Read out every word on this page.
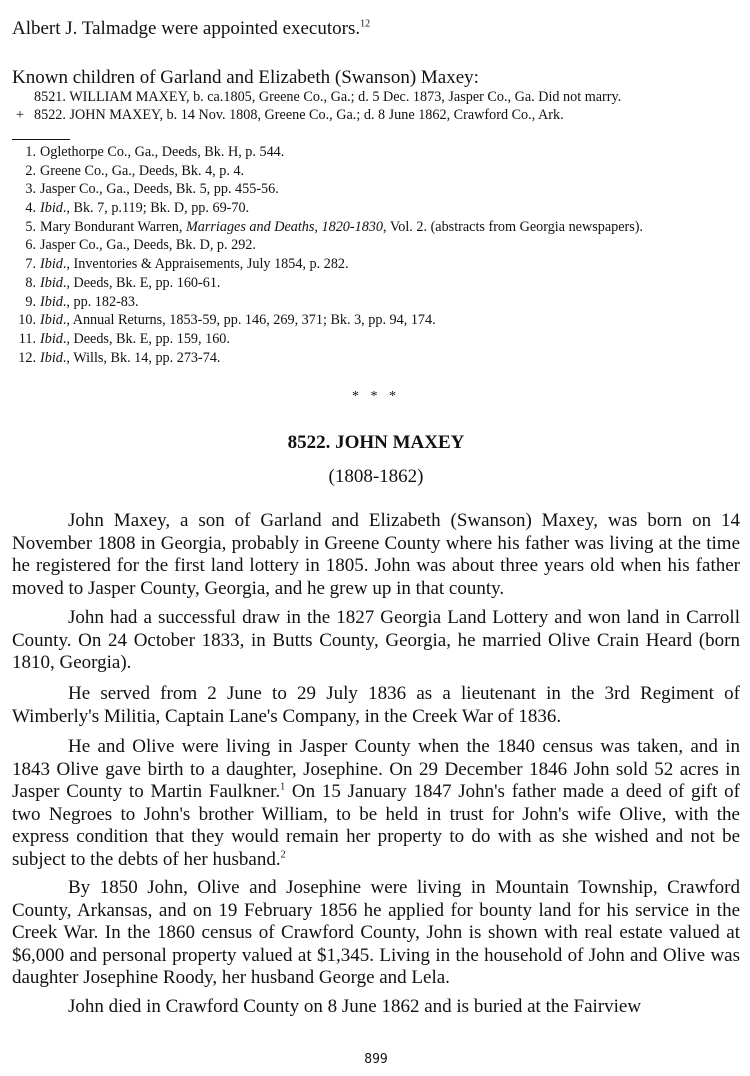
Albert J. Talmadge were appointed executors.$^{12}$
Known children of Garland and Elizabeth (Swanson) Maxey:
8521. WILLIAM MAXEY, b. ca.1805, Greene Co., Ga.; d. 5 Dec. 1873, Jasper Co., Ga. Did not marry.
+ 8522. JOHN MAXEY, b. 14 Nov. 1808, Greene Co., Ga.; d. 8 June 1862, Crawford Co., Ark.
1. Oglethorpe Co., Ga., Deeds, Bk. H, p. 544.
2. Greene Co., Ga., Deeds, Bk. 4, p. 4.
3. Jasper Co., Ga., Deeds, Bk. 5, pp. 455-56.
4. Ibid., Bk. 7, p.119; Bk. D, pp. 69-70.
5. Mary Bondurant Warren, Marriages and Deaths, 1820-1830, Vol. 2. (abstracts from Georgia newspapers).
6. Jasper Co., Ga., Deeds, Bk. D, p. 292.
7. Ibid., Inventories & Appraisements, July 1854, p. 282.
8. Ibid., Deeds, Bk. E, pp. 160-61.
9. Ibid., pp. 182-83.
10. Ibid., Annual Returns, 1853-59, pp. 146, 269, 371; Bk. 3, pp. 94, 174.
11. Ibid., Deeds, Bk. E, pp. 159, 160.
12. Ibid., Wills, Bk. 14, pp. 273-74.
* * *
8522. JOHN MAXEY
(1808-1862)

John Maxey, a son of Garland and Elizabeth (Swanson) Maxey, was born on 14 November 1808 in Georgia, probably in Greene County where his father was living at the time he registered for the first land lottery in 1805. John was about three years old when his father moved to Jasper County, Georgia, and he grew up in that county.

John had a successful draw in the 1827 Georgia Land Lottery and won land in Carroll County. On 24 October 1833, in Butts County, Georgia, he married Olive Crain Heard (born 1810, Georgia).

He served from 2 June to 29 July 1836 as a lieutenant in the 3rd Regiment of Wimberly's Militia, Captain Lane's Company, in the Creek War of 1836.

He and Olive were living in Jasper County when the 1840 census was taken, and in 1843 Olive gave birth to a daughter, Josephine. On 29 December 1846 John sold 52 acres in Jasper County to Martin Faulkner.$^1$ On 15 January 1847 John's father made a deed of gift of two Negroes to John's brother William, to be held in trust for John's wife Olive, with the express condition that they would remain her property to do with as she wished and not be subject to the debts of her husband.$^2$

By 1850 John, Olive and Josephine were living in Mountain Township, Crawford County, Arkansas, and on 19 February 1856 he applied for bounty land for his service in the Creek War. In the 1860 census of Crawford County, John is shown with real estate valued at $6,000 and personal property valued at $1,345. Living in the household of John and Olive was daughter Josephine Roody, her husband George and Lela.

John died in Crawford County on 8 June 1862 and is buried at the Fairview

899
